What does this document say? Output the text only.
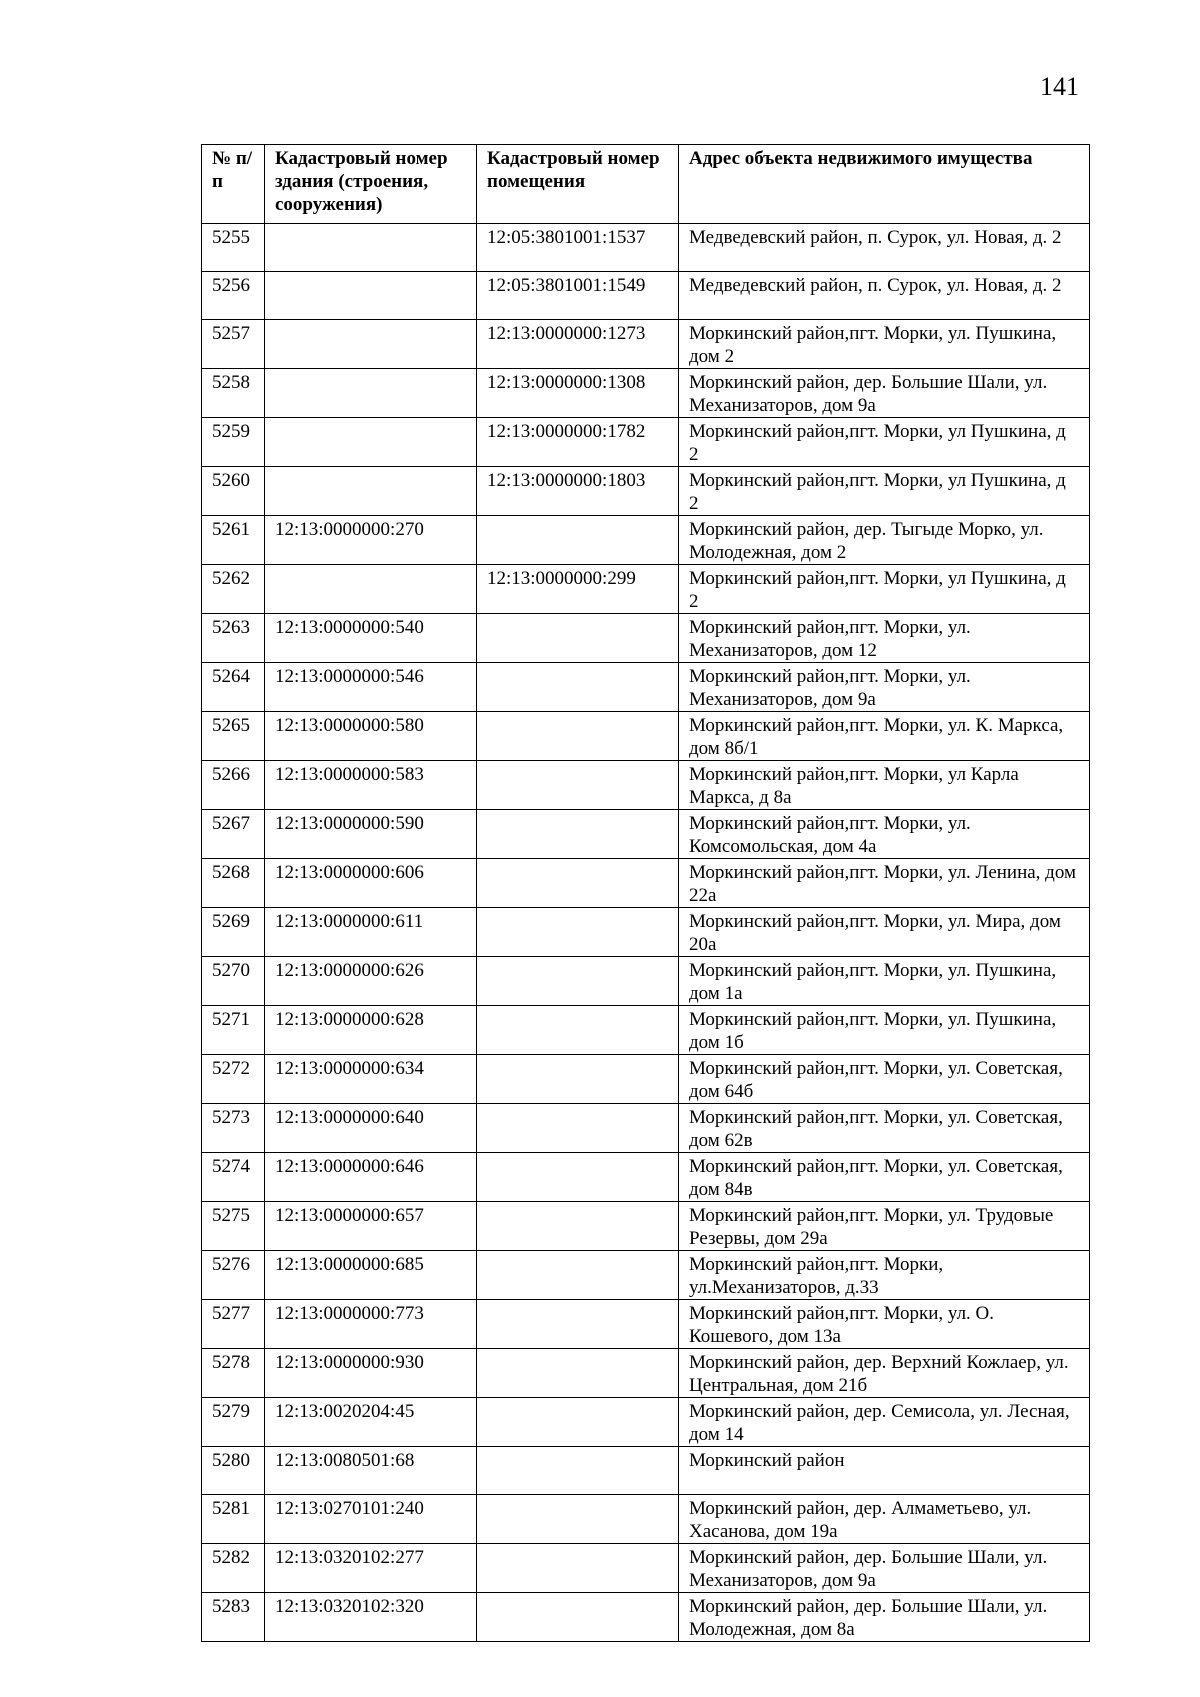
141
№ п/п	Кадастровый номер здания (строения, сооружения)	Кадастровый номер помещения	Адрес объекта недвижимого имущества
5255		12:05:3801001:1537	Медведевский район, п. Сурок, ул. Новая, д. 2
5256		12:05:3801001:1549	Медведевский район, п. Сурок, ул. Новая, д. 2
5257		12:13:0000000:1273	Моркинский район,пгт. Морки, ул. Пушкина, дом 2
5258		12:13:0000000:1308	Моркинский район, дер. Большие Шали, ул. Механизаторов, дом 9а
5259		12:13:0000000:1782	Моркинский район,пгт. Морки, ул Пушкина, д 2
5260		12:13:0000000:1803	Моркинский район,пгт. Морки, ул Пушкина, д 2
5261	12:13:0000000:270		Моркинский район, дер. Тыгыде Морко, ул. Молодежная, дом 2
5262		12:13:0000000:299	Моркинский район,пгт. Морки, ул Пушкина, д 2
5263	12:13:0000000:540		Моркинский район,пгт. Морки, ул. Механизаторов, дом 12
5264	12:13:0000000:546		Моркинский район,пгт. Морки, ул. Механизаторов, дом 9а
5265	12:13:0000000:580		Моркинский район,пгт. Морки, ул. К. Маркса, дом 8б/1
5266	12:13:0000000:583		Моркинский район,пгт. Морки, ул Карла Маркса, д 8а
5267	12:13:0000000:590		Моркинский район,пгт. Морки, ул. Комсомольская, дом 4а
5268	12:13:0000000:606		Моркинский район,пгт. Морки, ул. Ленина, дом 22а
5269	12:13:0000000:611		Моркинский район,пгт. Морки, ул. Мира, дом 20а
5270	12:13:0000000:626		Моркинский район,пгт. Морки, ул. Пушкина, дом 1а
5271	12:13:0000000:628		Моркинский район,пгт. Морки, ул. Пушкина, дом 1б
5272	12:13:0000000:634		Моркинский район,пгт. Морки, ул. Советская, дом 64б
5273	12:13:0000000:640		Моркинский район,пгт. Морки, ул. Советская, дом 62в
5274	12:13:0000000:646		Моркинский район,пгт. Морки, ул. Советская, дом 84в
5275	12:13:0000000:657		Моркинский район,пгт. Морки, ул. Трудовые Резервы, дом 29а
5276	12:13:0000000:685		Моркинский район,пгт. Морки, ул.Механизаторов, д.33
5277	12:13:0000000:773		Моркинский район,пгт. Морки, ул. О. Кошевого, дом 13а
5278	12:13:0000000:930		Моркинский район, дер. Верхний Кожлаер, ул. Центральная, дом 21б
5279	12:13:0020204:45		Моркинский район, дер. Семисола, ул. Лесная, дом 14
5280	12:13:0080501:68		Моркинский район
5281	12:13:0270101:240		Моркинский район, дер. Алмаметьево, ул. Хасанова, дом 19а
5282	12:13:0320102:277		Моркинский район, дер. Большие Шали, ул. Механизаторов, дом 9а
5283	12:13:0320102:320		Моркинский район, дер. Большие Шали, ул. Молодежная, дом 8а
